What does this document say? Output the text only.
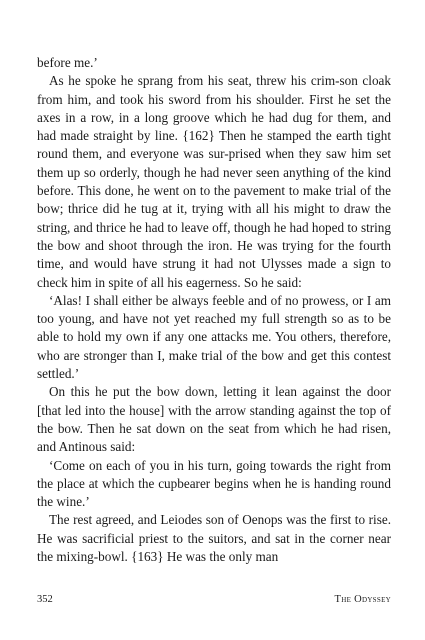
before me.’

As he spoke he sprang from his seat, threw his crim-son cloak from him, and took his sword from his shoulder. First he set the axes in a row, in a long groove which he had dug for them, and had made straight by line. {162} Then he stamped the earth tight round them, and everyone was sur-prised when they saw him set them up so orderly, though he had never seen anything of the kind before. This done, he went on to the pavement to make trial of the bow; thrice did he tug at it, trying with all his might to draw the string, and thrice he had to leave off, though he had hoped to string the bow and shoot through the iron. He was trying for the fourth time, and would have strung it had not Ulysses made a sign to check him in spite of all his eagerness. So he said:

‘Alas! I shall either be always feeble and of no prowess, or I am too young, and have not yet reached my full strength so as to be able to hold my own if any one attacks me. You others, therefore, who are stronger than I, make trial of the bow and get this contest settled.’

On this he put the bow down, letting it lean against the door [that led into the house] with the arrow standing against the top of the bow. Then he sat down on the seat from which he had risen, and Antinous said:

‘Come on each of you in his turn, going towards the right from the place at which the cupbearer begins when he is handing round the wine.’

The rest agreed, and Leiodes son of Oenops was the first to rise. He was sacrificial priest to the suitors, and sat in the corner near the mixing-bowl. {163} He was the only man

352	The Odyssey
